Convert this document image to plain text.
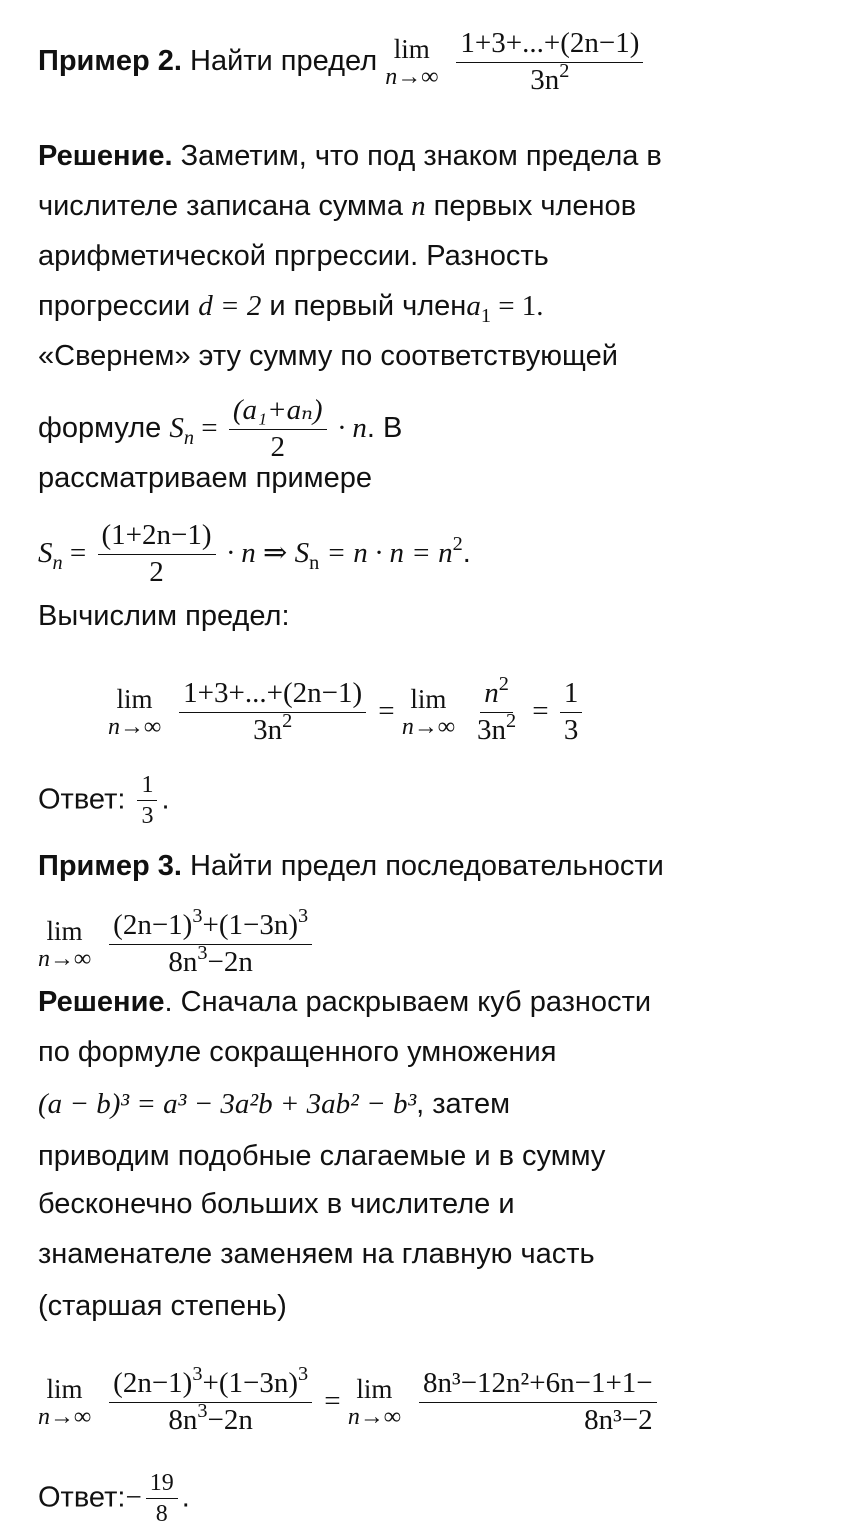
Пример 2. Найти предел lim
n→∞
$\frac{1+3+...+(2n-1)}{3n^2}$
Решение. Заметим, что под знаком предела в
числителе записана сумма n первых членов
арифметической пргрессии. Разность
прогрессии d = 2 и первый членa$_1$ = 1.
«Свернем» эту сумму по соответствующей
формуле $S_n = \frac{\text{(a₁+aₙ)}}{2} \cdot n$. В
рассматриваем примере
$S_n = \frac{(1+2n-1)}{2} \cdot n$ ⇒ $S_n = n \cdot n = n^2$.
Вычислим предел:
lim
n→∞
$\frac{1+3+...+(2n-1)}{3n^2} = \lim$
n→∞
$\frac{n^2}{3n^2} = \frac{1}{3}$
Ответ: $\frac{1}{3}$ .
Пример 3. Найти предел последовательности
lim
n→∞
$\frac{(2n-1)^3+(1-3n)^3}{8n^3-2n}$
Решение. Сначала раскрываем куб разности
по формуле сокращенного умножения
(a − b)³ = a³ − 3a²b + 3ab² − b³, затем
приводим подобные слагаемые и в сумму
бесконечно больших в числителе и
знаменателе заменяем на главную часть
(старшая степень)
lim
n→∞
$\frac{(2n-1)^3+(1-3n)^3}{8n^3-2n} = \lim$
n→∞
$\frac{\text{8n³−12n²+6n−1+1−}}{\text{8n³−2}}$
Ответ:− $\frac{19}{8}$ .
